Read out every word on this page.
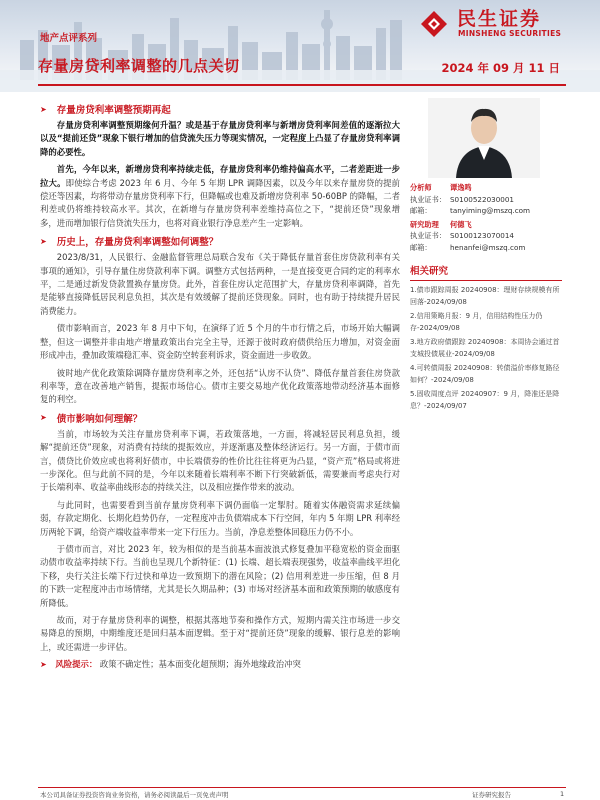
民生证券
MINSHENG SECURITIES
地产点评系列
存量房贷利率调整的几点关切	2024 年 09 月 11 日
➤ 存量房贷利率调整预期再起

存量房贷利率调整预期缘何升温？或是基于存量房贷利率与新增房贷利率间差值的逐渐拉大以及“提前还贷”现象下银行增加的信贷流失压力等现实情况，一定程度上凸显了存量房贷利率调降的必要性。

首先，今年以来，新增房贷利率持续走低，存量房贷利率仍维持偏高水平，二者差距进一步拉大。即使综合考虑 2023 年 6 月、今年 5 年期 LPR 调降因素，以及今年以来存量房贷的提前偿还等因素，均将带动存量房贷利率下行，但降幅或也难及新增房贷利率 50-60BP 的降幅，二者利差或仍将维持较高水平。其次，在新增与存量房贷利率差维持高位之下，“提前还贷”现象增多，进而增加银行信贷流失压力，也将对商业银行净息差产生一定影响。

➤ 历史上，存量房贷利率调整如何调整？

2023/8/31，人民银行、金融监督管理总局联合发布《关于降低存量首套住房贷款利率有关事项的通知》，引导存量住房贷款利率下调。调整方式包括两种，一是直接变更合同约定的利率水平，二是通过新发贷款置换存量房贷。此外，首套住房认定范围扩大，存量房贷利率调降，首先是能够直接降低居民利息负担，其次是有效缓解了提前还贷现象。同时，也有助于持续提升居民消费能力。

债市影响而言，2023 年 8 月中下旬，在演绎了近 5 个月的牛市行情之后，市场开始大幅调整，但这一调整并非由地产增量政策出台完全主导，还源于彼时政府债供给压力增加，对资金面形成冲击，叠加政策端稳汇率、资金防空转套利诉求，资金面进一步收敛。

彼时地产优化政策除调降存量房贷利率之外，还包括“认房不认贷”、降低存量首套住房贷款利率等，意在改善地产销售，提振市场信心。债市主要交易地产优化政策落地带动经济基本面修复的利空。

➤ 债市影响如何理解？

当前，市场较为关注存量房贷利率下调，若政策落地，一方面，将减轻居民利息负担，缓解“提前还贷”现象，对消费有持续的提振效应，并逐渐惠及整体经济运行。另一方面，于债市而言，债贷比价效应或也将利好债市，中长端债券的性价比往往将更为凸显，“资产荒”格局或将进一步深化。但与此前不同的是，今年以来随着长端利率不断下行突破新低，需要兼而考虑央行对于长端利率、收益率曲线形态的持续关注，以及相应操作带来的波动。

与此同时，也需要看到当前存量房贷利率下调仍面临一定掣肘。随着实体融资需求延续偏弱，存款定期化、长期化趋势仍存，一定程度冲击负债端成本下行空间，年内 5 年期 LPR 利率经历两轮下调，给资产端收益率带来一定下行压力。当前，净息差整体回稳压力仍不小。

于债市而言，对比 2023 年，较为相似的是当前基本面波浪式修复叠加平稳宽松的资金面驱动债市收益率持续下行。当前也呈现几个新特征：(1) 长端、超长端表现强势，收益率曲线平坦化下移，央行关注长端下行过快和单边一致预期下的潜在风险；(2) 信用利差进一步压缩，但 8 月的下跌一定程度冲击市场情绪，尤其是长久期品种；(3) 市场对经济基本面和政策预期的敏感度有所降低。

故而，对于存量房贷利率的调整，根据其落地节奏和操作方式，短期内需关注市场进一步交易降息的预期，中期维度还是回归基本面逻辑。至于对“提前还贷”现象的缓解、银行息差的影响上，或还需进一步评估。

➤ 风险提示： 政策不确定性；基本面变化超预期；海外地缘政治冲突
分析师	谭逸鸣
执业证书： S0100522030001
邮箱：	tanyiming@mszq.com
研究助理 何德飞
执业证书： S0100123070014
邮箱：	henanfei@mszq.com
相关研究
1.债市跟踪周报 20240908：理财存续规模有所回落-2024/09/08
2.信用策略月报：9 月，信用结构性压力仍存-2024/09/08
3.地方政府债跟踪 20240908：本周协会通过首支城投债展业-2024/09/08
4.可转债周报 20240908：转债溢价率修复路径如何？-2024/09/08
5.固收周度点评 20240907：9 月，降准还是降息？-2024/09/07
本公司具备证券投资咨询业务资格，请务必阅读最后一页免责声明	证券研究报告	1
